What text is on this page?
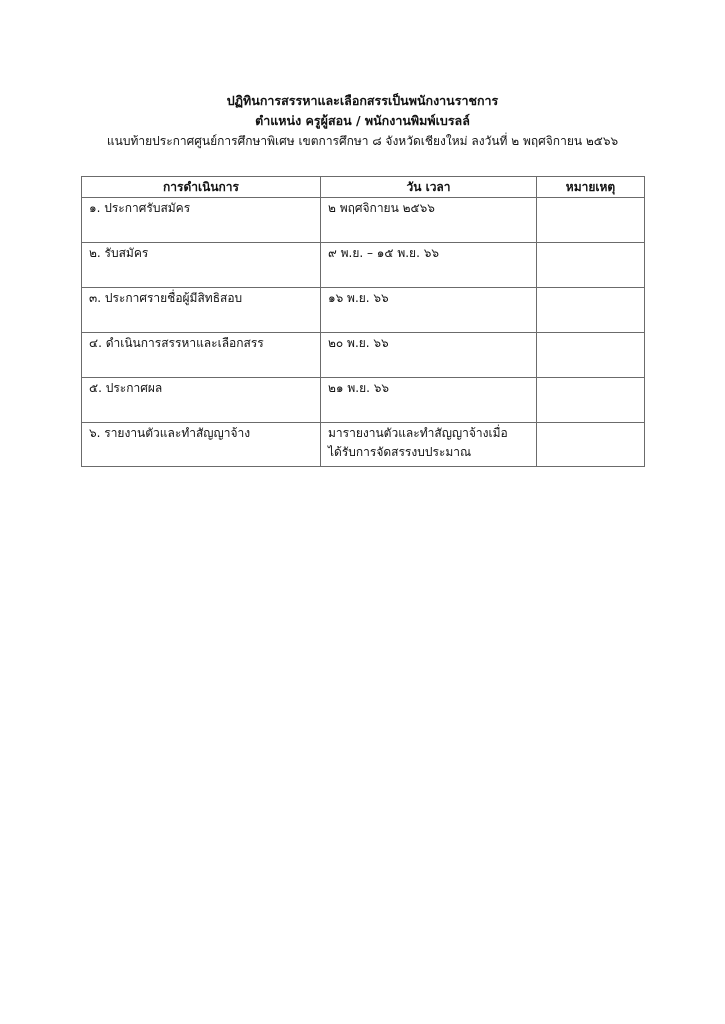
ปฏิทินการสรรหาและเลือกสรรเป็นพนักงานราชการ
ตำแหน่ง ครูผู้สอน / พนักงานพิมพ์เบรลล์
แนบท้ายประกาศศูนย์การศึกษาพิเศษ เขตการศึกษา ๘ จังหวัดเชียงใหม่ ลงวันที่ ๒ พฤศจิกายน ๒๕๖๖
การดำเนินการ	วัน เวลา	หมายเหตุ
๑. ประกาศรับสมัคร	๒ พฤศจิกายน ๒๕๖๖	
๒. รับสมัคร	๙ พ.ย. – ๑๕ พ.ย. ๖๖	
๓. ประกาศรายชื่อผู้มีสิทธิสอบ	๑๖ พ.ย. ๖๖	
๔. ดำเนินการสรรหาและเลือกสรร	๒๐ พ.ย. ๖๖	
๕. ประกาศผล	๒๑ พ.ย. ๖๖	
๖. รายงานตัวและทำสัญญาจ้าง	มารายงานตัวและทำสัญญาจ้างเมื่อ
ได้รับการจัดสรรงบประมาณ	
